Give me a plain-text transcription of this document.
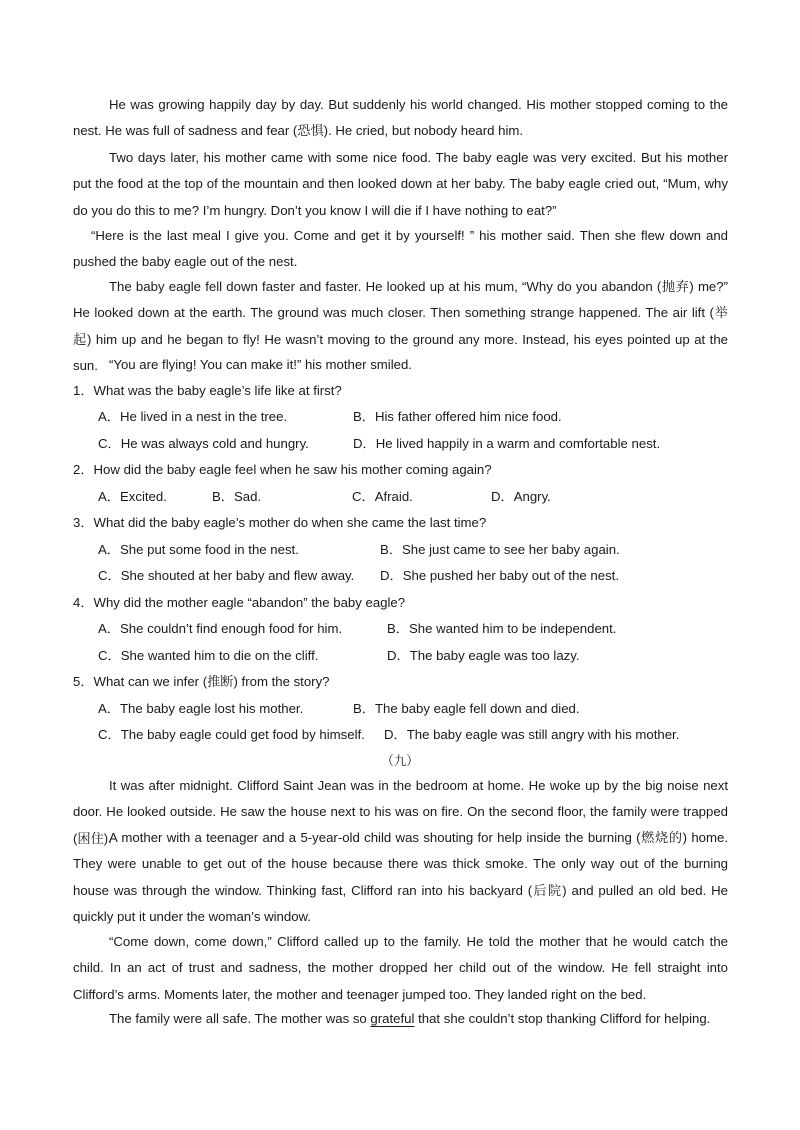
He was growing happily day by day. But suddenly his world changed. His mother stopped coming to the nest. He was full of sadness and fear (恐惧). He cried, but nobody heard him.

Two days later, his mother came with some nice food. The baby eagle was very excited. But his mother put the food at the top of the mountain and then looked down at her baby. The baby eagle cried out, “Mum, why do you do this to me? I’m hungry. Don’t you know I will die if I have nothing to eat?”

“Here is the last meal I give you. Come and get it by yourself! ” his mother said. Then she flew down and pushed the baby eagle out of the nest.

The baby eagle fell down faster and faster. He looked up at his mum, “Why do you abandon (抛弃) me?” He looked down at the earth. The ground was much closer. Then something strange happened. The air lift (举起) him up and he began to fly! He wasn’t moving to the ground any more. Instead, his eyes pointed up at the sun. “You are flying! You can make it!” his mother smiled.

1．What was the baby eagle’s life like at first?
A．He lived in a nest in the tree.	B．His father offered him nice food.
C．He was always cold and hungry.	D．He lived happily in a warm and comfortable nest.
2．How did the baby eagle feel when he saw his mother coming again?
A．Excited.	B．Sad.	C．Afraid.	D．Angry.
3．What did the baby eagle’s mother do when she came the last time?
A．She put some food in the nest.	B．She just came to see her baby again.
C．She shouted at her baby and flew away. D．She pushed her baby out of the nest.
4．Why did the mother eagle “abandon” the baby eagle?
A．She couldn’t find enough food for him.	B．She wanted him to be independent.
C．She wanted him to die on the cliff.	D．The baby eagle was too lazy.
5．What can we infer (推断) from the story?
A．The baby eagle lost his mother.	B．The baby eagle fell down and died.
C．The baby eagle could get food by himself. D．The baby eagle was still angry with his mother.
（九）

It was after midnight. Clifford Saint Jean was in the bedroom at home. He woke up by the big noise next door. He looked outside. He saw the house next to his was on fire. On the second floor, the family were trapped (困住).

A mother with a teenager and a 5-year-old child was shouting for help inside the burning (燃烧的) home. They were unable to get out of the house because there was thick smoke. The only way out of the burning house was through the window. Thinking fast, Clifford ran into his backyard (后院) and pulled an old bed. He quickly put it under the woman’s window.

“Come down, come down,” Clifford called up to the family. He told the mother that he would catch the child. In an act of trust and sadness, the mother dropped her child out of the window. He fell straight into Clifford’s arms. Moments later, the mother and teenager jumped too. They landed right on the bed.

The family were all safe. The mother was so grateful that she couldn’t stop thanking Clifford for helping.
